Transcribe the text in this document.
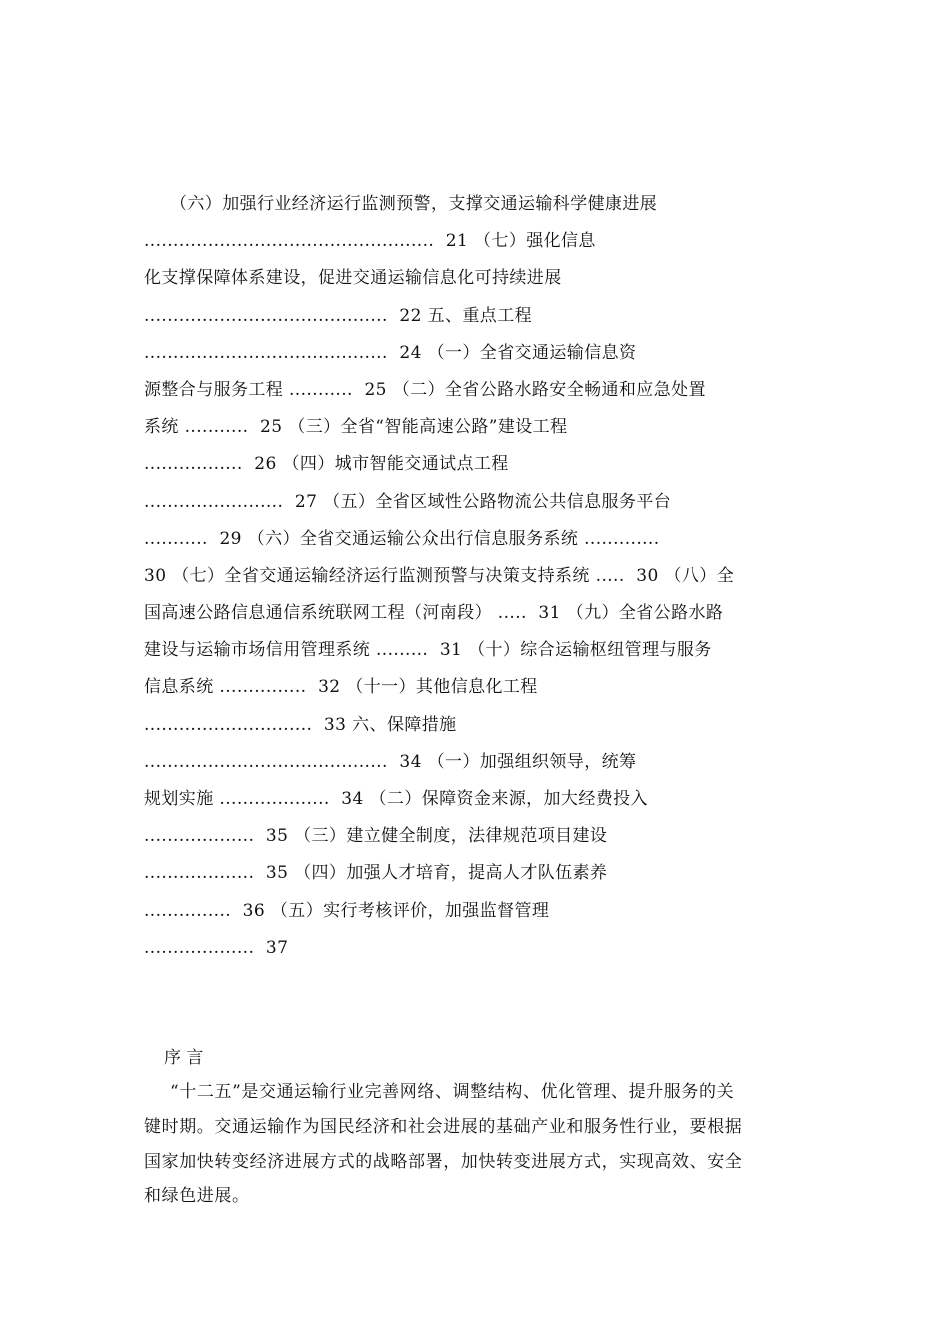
（六）加强行业经济运行监测预警，支撑交通运输科学健康进展
..................................................  21 （七）强化信息
化支撑保障体系建设，促进交通运输信息化可持续进展
..........................................  22 五、重点工程
..........................................  24 （一）全省交通运输信息资
源整合与服务工程 ...........  25 （二）全省公路水路安全畅通和应急处置
系统 ...........  25 （三）全省“智能高速公路”建设工程
.................  26 （四）城市智能交通试点工程
........................  27 （五）全省区域性公路物流公共信息服务平台
...........  29 （六）全省交通运输公众出行信息服务系统 .............
30 （七）全省交通运输经济运行监测预警与决策支持系统 .....  30 （八）全
国高速公路信息通信系统联网工程（河南段） .....  31 （九）全省公路水路
建设与运输市场信用管理系统 .........  31 （十）综合运输枢纽管理与服务
信息系统 ...............  32 （十一）其他信息化工程
.............................  33 六、保障措施
..........................................  34 （一）加强组织领导，统筹
规划实施 ...................  34 （二）保障资金来源，加大经费投入
...................  35 （三）建立健全制度，法律规范项目建设
...................  35 （四）加强人才培育，提高人才队伍素养
...............  36 （五）实行考核评价，加强监督管理
...................  37
序 言
“十二五”是交通运输行业完善网络、调整结构、优化管理、提升服务的关
键时期。交通运输作为国民经济和社会进展的基础产业和服务性行业，要根据
国家加快转变经济进展方式的战略部署，加快转变进展方式，实现高效、安全
和绿色进展。
